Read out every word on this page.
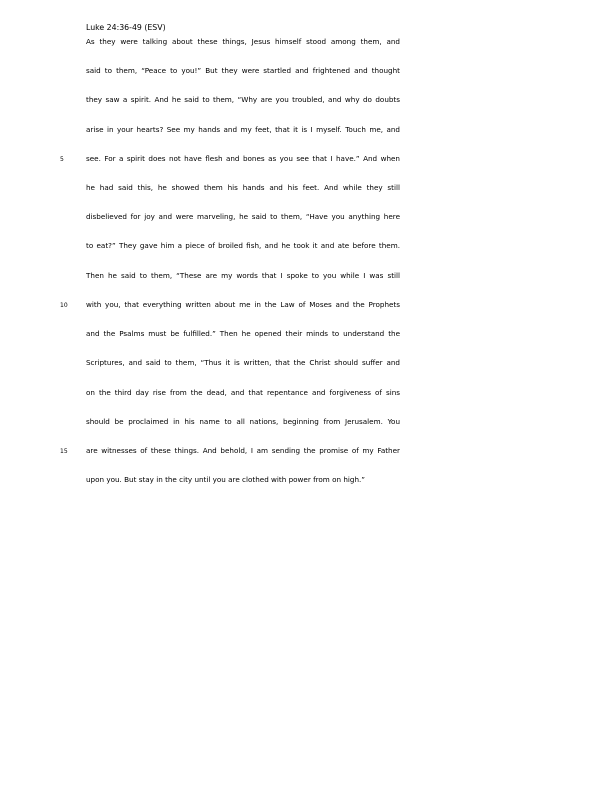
Luke 24:36-49 (ESV)
As they were talking about these things, Jesus himself stood among them, and
said to them, “Peace to you!” But they were startled and frightened and thought
they saw a spirit. And he said to them, “Why are you troubled, and why do doubts
arise in your hearts? See my hands and my feet, that it is I myself. Touch me, and
see. For a spirit does not have flesh and bones as you see that I have.” And when
he had said this, he showed them his hands and his feet. And while they still
disbelieved for joy and were marveling, he said to them, “Have you anything here
to eat?” They gave him a piece of broiled fish, and he took it and ate before them.
Then he said to them, “These are my words that I spoke to you while I was still
with you, that everything written about me in the Law of Moses and the Prophets
and the Psalms must be fulfilled.” Then he opened their minds to understand the
Scriptures, and said to them, “Thus it is written, that the Christ should suffer and
on the third day rise from the dead, and that repentance and forgiveness of sins
should be proclaimed in his name to all nations, beginning from Jerusalem. You
are witnesses of these things. And behold, I am sending the promise of my Father
upon you. But stay in the city until you are clothed with power from on high.”
5
10
15
